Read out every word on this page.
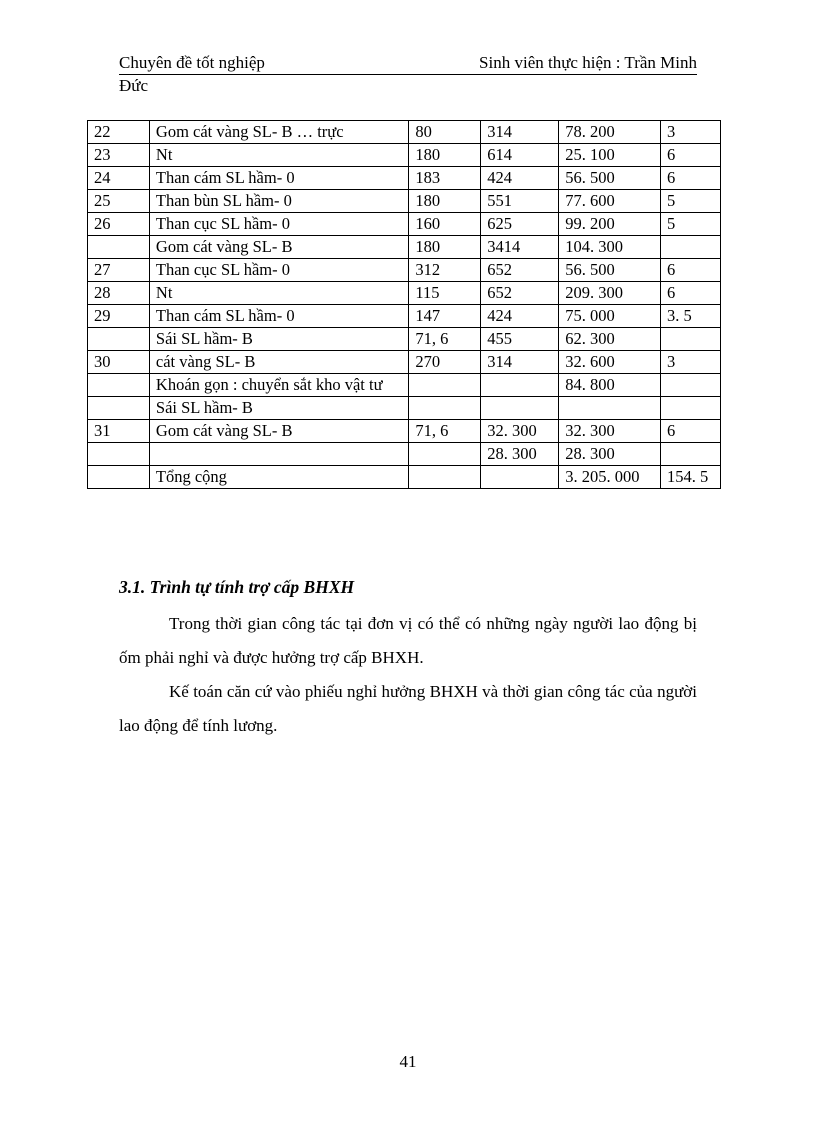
Chuyên đề tốt nghiệp	Sinh viên thực hiện : Trần Minh
Đức
22	Gom cát vàng SL- B … trực	80	314	78. 200	3
23	Nt	180	614	25. 100	6
24	Than cám SL hầm- 0	183	424	56. 500	6
25	Than bùn SL hầm- 0	180	551	77. 600	5
26	Than cục SL hầm- 0	160	625	99. 200	5
	Gom cát vàng SL- B	180	3414	104. 300	
27	Than cục SL hầm- 0	312	652	56. 500	6
28	Nt	115	652	209. 300	6
29	Than cám SL hầm- 0	147	424	75. 000	3. 5
	Sái SL hầm- B	71, 6	455	62. 300	
30	cát vàng SL- B	270	314	32. 600	3
	Khoán gọn : chuyển sắt kho vật tư			84. 800	
	Sái SL hầm- B				
31	Gom cát vàng SL- B	71, 6	32. 300	32. 300	6
			28. 300	28. 300	
	Tổng cộng			3. 205. 000	154. 5
3.1. Trình tự tính trợ cấp BHXH
Trong thời gian công tác tại đơn vị có thể có những ngày người lao động bị ốm phải nghỉ và được hưởng trợ cấp BHXH.
Kế toán căn cứ vào phiếu nghỉ hưởng BHXH và thời gian công tác của người lao động để tính lương.
41
